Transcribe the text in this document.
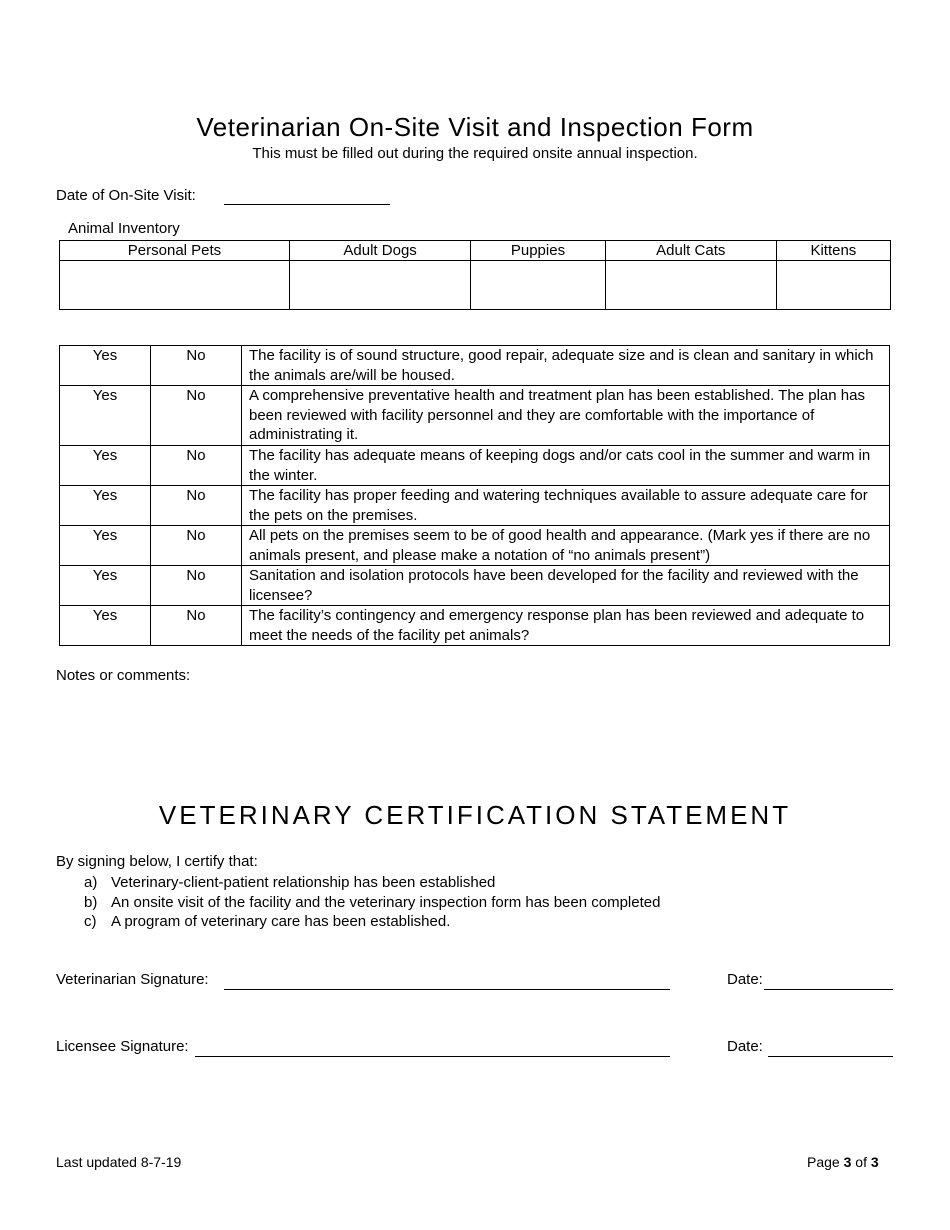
Veterinarian On-Site Visit and Inspection Form
This must be filled out during the required onsite annual inspection.
Date of On-Site Visit:
Animal Inventory
Personal Pets	Adult Dogs	Puppies	Adult Cats	Kittens

Yes	No	The facility is of sound structure, good repair, adequate size and is clean and sanitary in which the animals are/will be housed.
Yes	No	A comprehensive preventative health and treatment plan has been established. The plan has been reviewed with facility personnel and they are comfortable with the importance of administrating it.
Yes	No	The facility has adequate means of keeping dogs and/or cats cool in the summer and warm in the winter.
Yes	No	The facility has proper feeding and watering techniques available to assure adequate care for the pets on the premises.
Yes	No	All pets on the premises seem to be of good health and appearance. (Mark yes if there are no animals present, and please make a notation of “no animals present”)
Yes	No	Sanitation and isolation protocols have been developed for the facility and reviewed with the licensee?
Yes	No	The facility’s contingency and emergency response plan has been reviewed and adequate to meet the needs of the facility pet animals?
Notes or comments:
VETERINARY CERTIFICATION STATEMENT
By signing below, I certify that:
a) Veterinary-client-patient relationship has been established
b) An onsite visit of the facility and the veterinary inspection form has been completed
c) A program of veterinary care has been established.
Veterinarian Signature:	Date:
Licensee Signature:	Date:
Last updated 8-7-19	Page 3 of 3
